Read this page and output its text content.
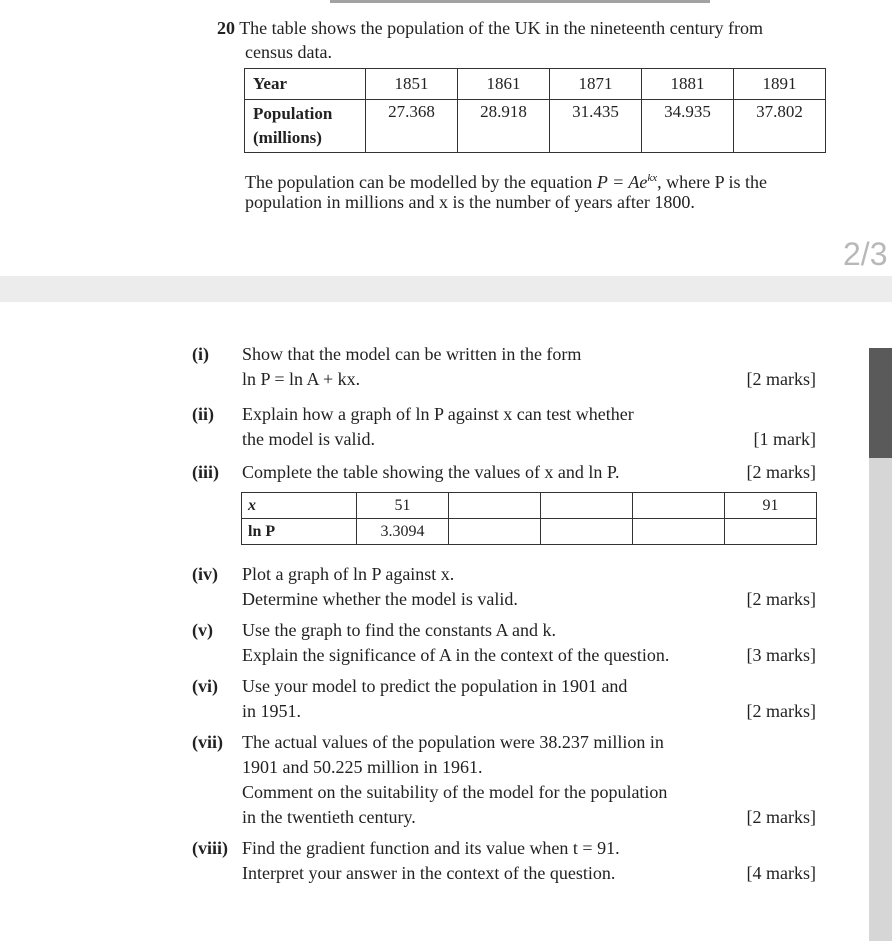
20 The table shows the population of the UK in the nineteenth century from
census data.
Year	1851	1861	1871	1881	1891
Population
(millions)	27.368	28.918	31.435	34.935	37.802
The population can be modelled by the equation $P = Ae^{kx}$, where P is the
population in millions and x is the number of years after 1800.
2/3
(i) Show that the model can be written in the form
ln P = ln A + kx.	[2 marks]
(ii) Explain how a graph of ln P against x can test whether
the model is valid.	[1 mark]
(iii) Complete the table showing the values of x and ln P.	[2 marks]
x	51				91
ln P	3.3094				
(iv) Plot a graph of ln P against x.
Determine whether the model is valid.	[2 marks]
(v) Use the graph to find the constants A and k.
Explain the significance of A in the context of the question.	[3 marks]
(vi) Use your model to predict the population in 1901 and
in 1951.	[2 marks]
(vii) The actual values of the population were 38.237 million in
1901 and 50.225 million in 1961.
Comment on the suitability of the model for the population
in the twentieth century.	[2 marks]
(viii) Find the gradient function and its value when t = 91.
Interpret your answer in the context of the question.	[4 marks]
